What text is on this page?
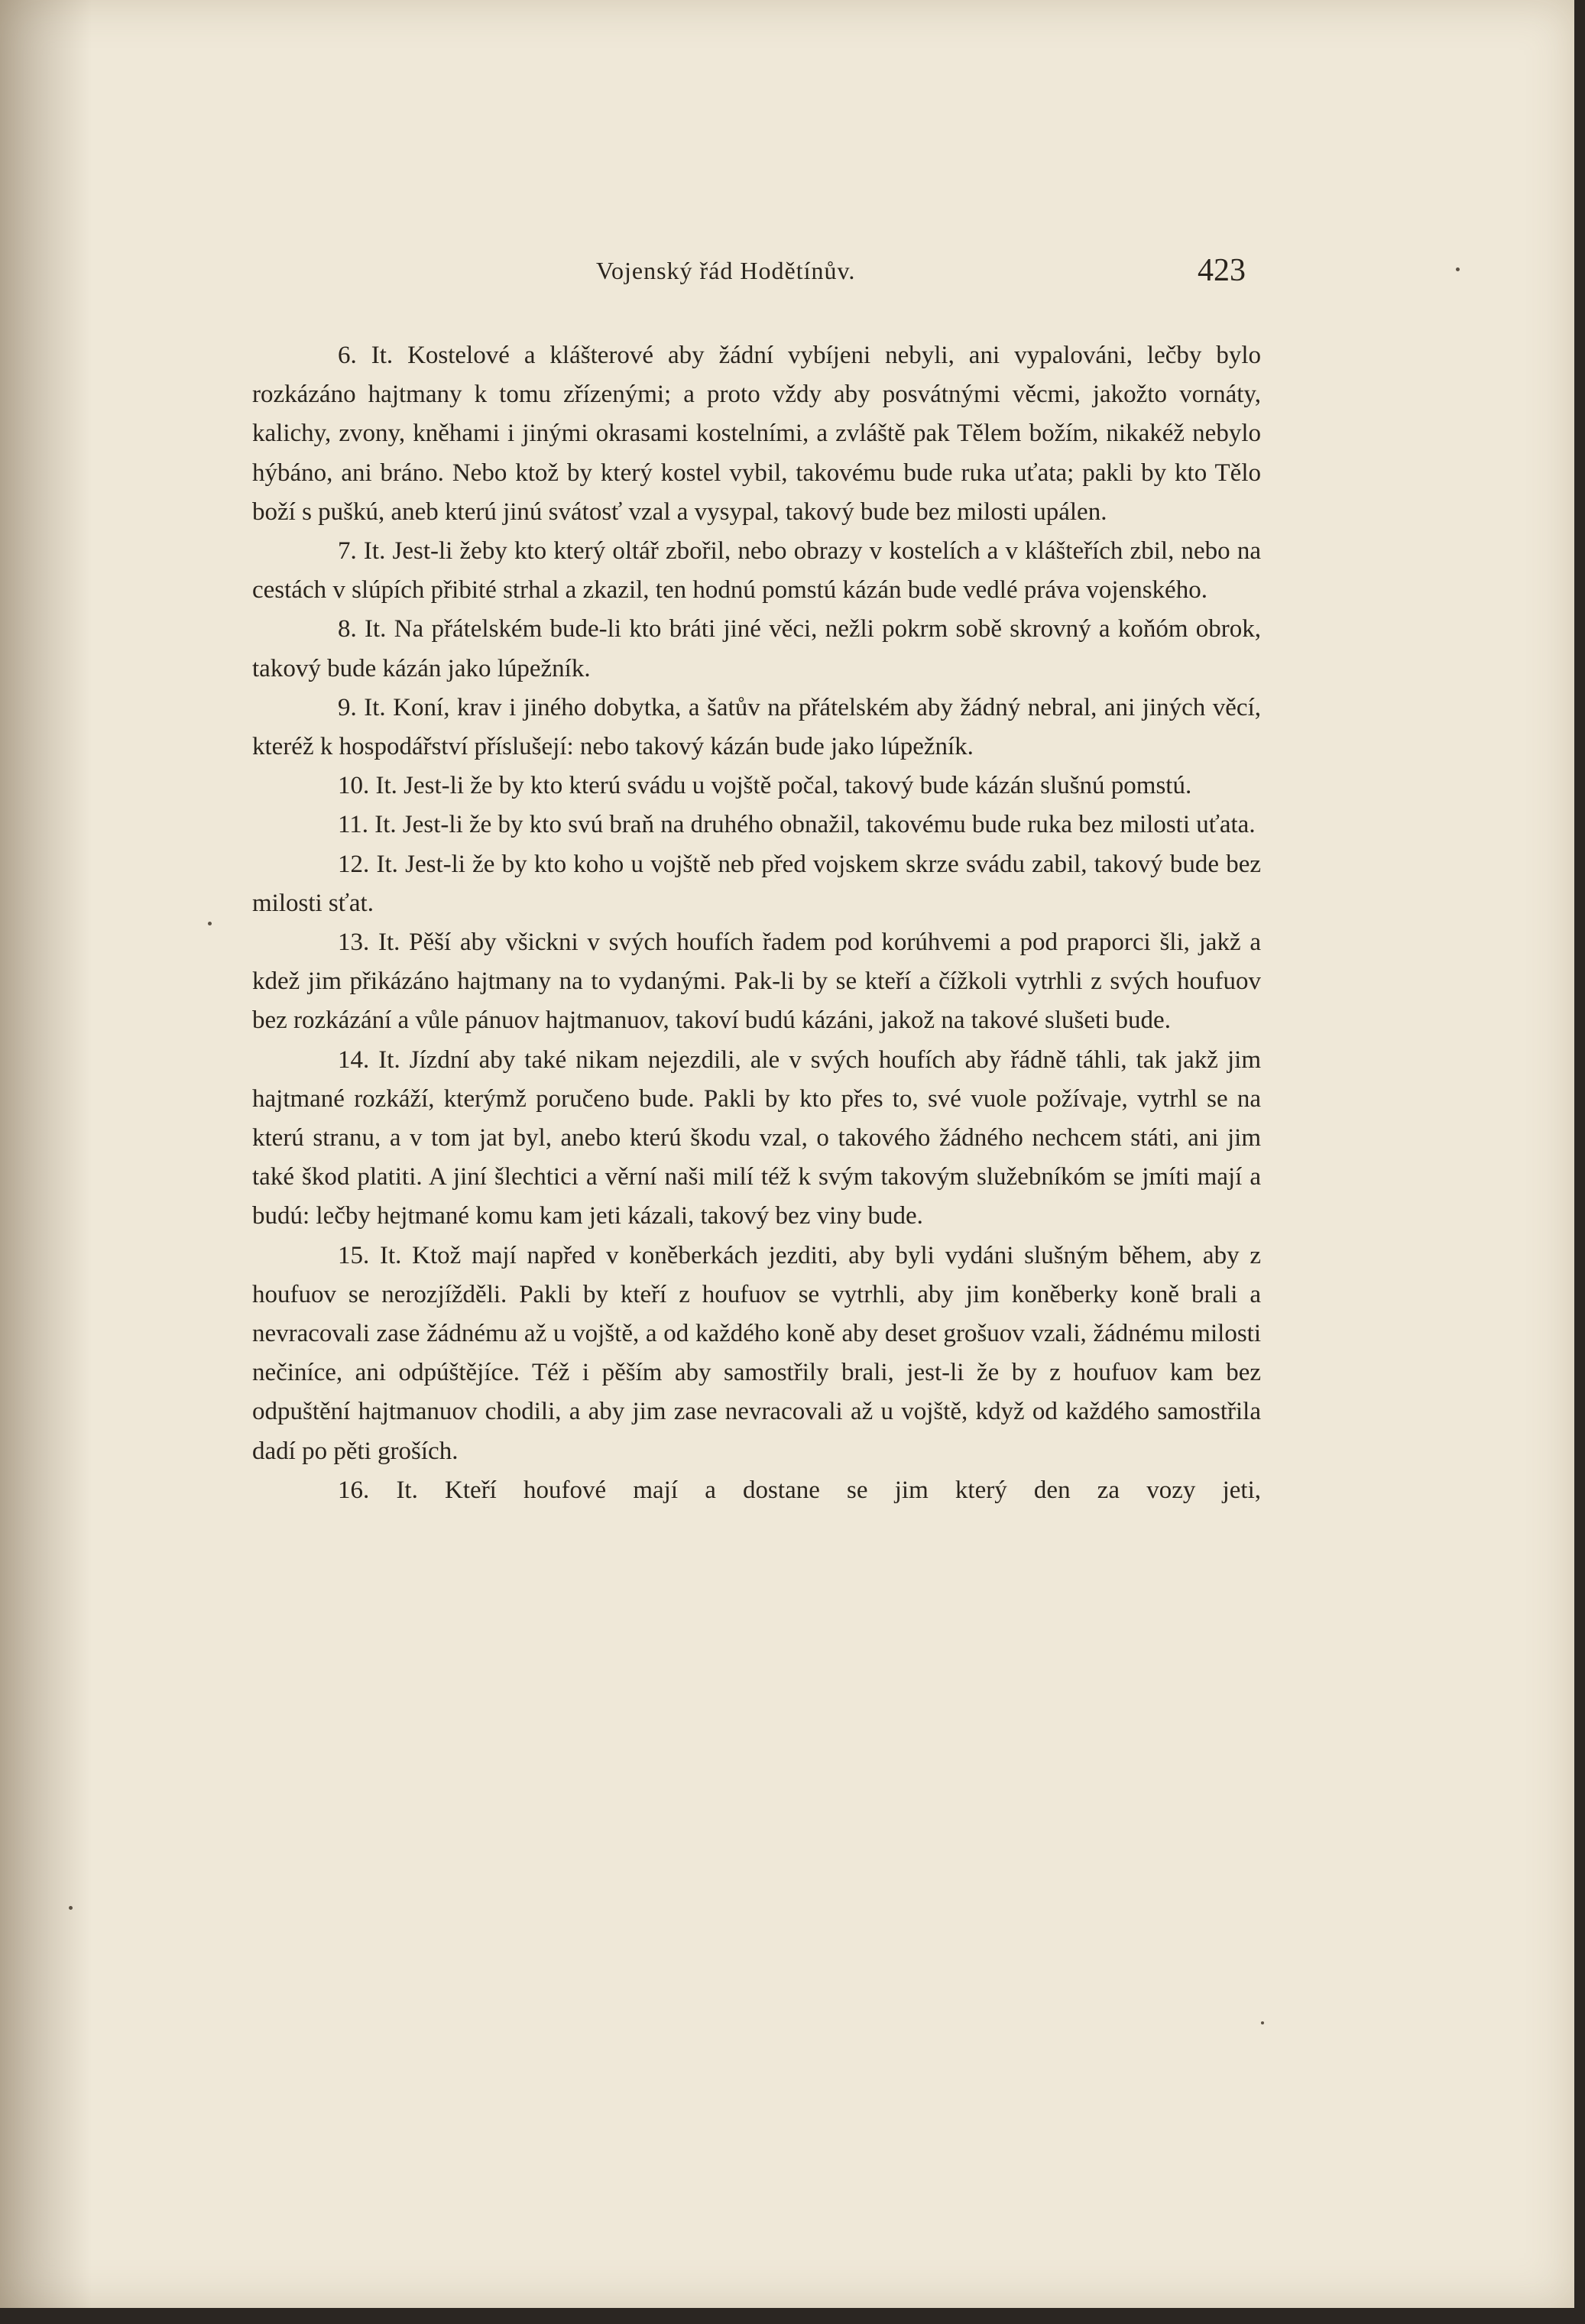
Vojenský řád Hodětínův.	423

6. It. Kostelové a klášterové aby žádní vybíjeni nebyli, ani vypalováni, lečby bylo rozkázáno hajtmany k tomu zřízenými; a proto vždy aby posvátnými věcmi, jakožto vornáty, kalichy, zvony, kněhami i jinými okrasami kostelními, a zvláště pak Tělem božím, nikakéž nebylo hýbáno, ani bráno. Nebo ktož by který kostel vybil, takovému bude ruka uťata; pakli by kto Tělo boží s puškú, aneb kterú jinú svátosť vzal a vysypal, takový bude bez milosti upálen.

7. It. Jest-li žeby kto který oltář zbořil, nebo obrazy v kostelích a v klášteřích zbil, nebo na cestách v slúpích přibité strhal a zkazil, ten hodnú pomstú kázán bude vedlé práva vojenského.

8. It. Na přátelském bude-li kto bráti jiné věci, nežli pokrm sobě skrovný a koňóm obrok, takový bude kázán jako lúpežník.

9. It. Koní, krav i jiného dobytka, a šatův na přátelském aby žádný nebral, ani jiných věcí, kteréž k hospodářství příslušejí: nebo takový kázán bude jako lúpežník.

10. It. Jest-li že by kto kterú svádu u vojště počal, takový bude kázán slušnú pomstú.

11. It. Jest-li že by kto svú braň na druhého obnažil, takovému bude ruka bez milosti uťata.

12. It. Jest-li že by kto koho u vojště neb před vojskem skrze svádu zabil, takový bude bez milosti sťat.

13. It. Pěší aby všickni v svých houfích řadem pod korúhvemi a pod praporci šli, jakž a kdež jim přikázáno hajtmany na to vydanými. Pak-li by se kteří a čížkoli vytrhli z svých houfuov bez rozkázání a vůle pánuov hajtmanuov, takoví budú kázáni, jakož na takové slušeti bude.

14. It. Jízdní aby také nikam nejezdili, ale v svých houfích aby řádně táhli, tak jakž jim hajtmané rozkáží, kterýmž poručeno bude. Pakli by kto přes to, své vuole požívaje, vytrhl se na kterú stranu, a v tom jat byl, anebo kterú škodu vzal, o takového žádného nechcem státi, ani jim také škod platiti. A jiní šlechtici a věrní naši milí též k svým takovým služebníkóm se jmíti mají a budú: lečby hejtmané komu kam jeti kázali, takový bez viny bude.

15. It. Ktož mají napřed v koněberkách jezditi, aby byli vydáni slušným během, aby z houfuov se nerozjížděli. Pakli by kteří z houfuov se vytrhli, aby jim koněberky koně brali a nevracovali zase žádnému až u vojště, a od každého koně aby deset grošuov vzali, žádnému milosti nečiníce, ani odpúštějíce. Též i pěším aby samostřily brali, jest-li že by z houfuov kam bez odpuštění hajtmanuov chodili, a aby jim zase nevracovali až u vojště, když od každého samostřila dadí po pěti groších.

16. It. Kteří houfové mají a dostane se jim který den za vozy jeti,
